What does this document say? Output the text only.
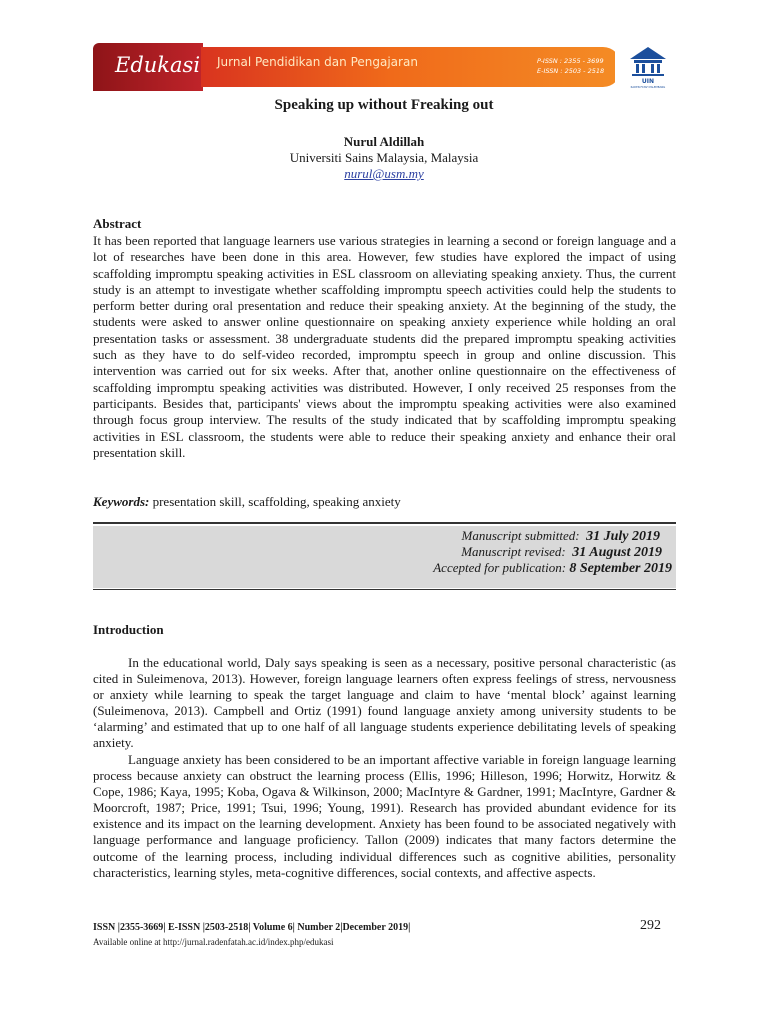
Edukasi Jurnal Pendidikan dan Pengajaran	P-ISSN : 2355 - 3699
E-ISSN : 2503 - 2518
UIN
RADEN FATAH PALEMBANG
Speaking up without Freaking out
Nurul Aldillah
Universiti Sains Malaysia, Malaysia
nurul@usm.my
Abstract

It has been reported that language learners use various strategies in learning a second or foreign language and a lot of researches have been done in this area. However, few studies have explored the impact of using scaffolding impromptu speaking activities in ESL classroom on alleviating speaking anxiety. Thus, the current study is an attempt to investigate whether scaffolding impromptu speech activities could help the students to perform better during oral presentation and reduce their speaking anxiety. At the beginning of the study, the students were asked to answer online questionnaire on speaking anxiety experience while holding an oral presentation tasks or assessment. 38 undergraduate students did the prepared impromptu speaking activities such as they have to do self-video recorded, impromptu speech in group and online discussion. This intervention was carried out for six weeks. After that, another online questionnaire on the effectiveness of scaffolding impromptu speaking activities was distributed. However, I only received 25 responses from the participants. Besides that, participants' views about the impromptu speaking activities were also examined through focus group interview. The results of the study indicated that by scaffolding impromptu speaking activities in ESL classroom, the students were able to reduce their speaking anxiety and enhance their oral presentation skill.

Keywords: presentation skill, scaffolding, speaking anxiety
Manuscript submitted: 31 July 2019
Manuscript revised: 31 August 2019
Accepted for publication: 8 September 2019
Introduction

In the educational world, Daly says speaking is seen as a necessary, positive personal characteristic (as cited in Suleimenova, 2013). However, foreign language learners often express feelings of stress, nervousness or anxiety while learning to speak the target language and claim to have ‘mental block’ against learning (Suleimenova, 2013). Campbell and Ortiz (1991) found language anxiety among university students to be ‘alarming’ and estimated that up to one half of all language students experience debilitating levels of speaking anxiety.

Language anxiety has been considered to be an important affective variable in foreign language learning process because anxiety can obstruct the learning process (Ellis, 1996; Hilleson, 1996; Horwitz, Horwitz & Cope, 1986; Kaya, 1995; Koba, Ogava & Wilkinson, 2000; MacIntyre & Gardner, 1991; MacIntyre, Gardner & Moorcroft, 1987; Price, 1991; Tsui, 1996; Young, 1991). Research has provided abundant evidence for its existence and its impact on the learning development. Anxiety has been found to be associated negatively with language performance and language proficiency. Tallon (2009) indicates that many factors determine the outcome of the learning process, including individual differences such as cognitive abilities, personality characteristics, learning styles, meta-cognitive differences, social contexts, and affective aspects.

ISSN |2355-3669| E-ISSN |2503-2518| Volume 6| Number 2|December 2019|
Available online at http://jurnal.radenfatah.ac.id/index.php/edukasi
292
